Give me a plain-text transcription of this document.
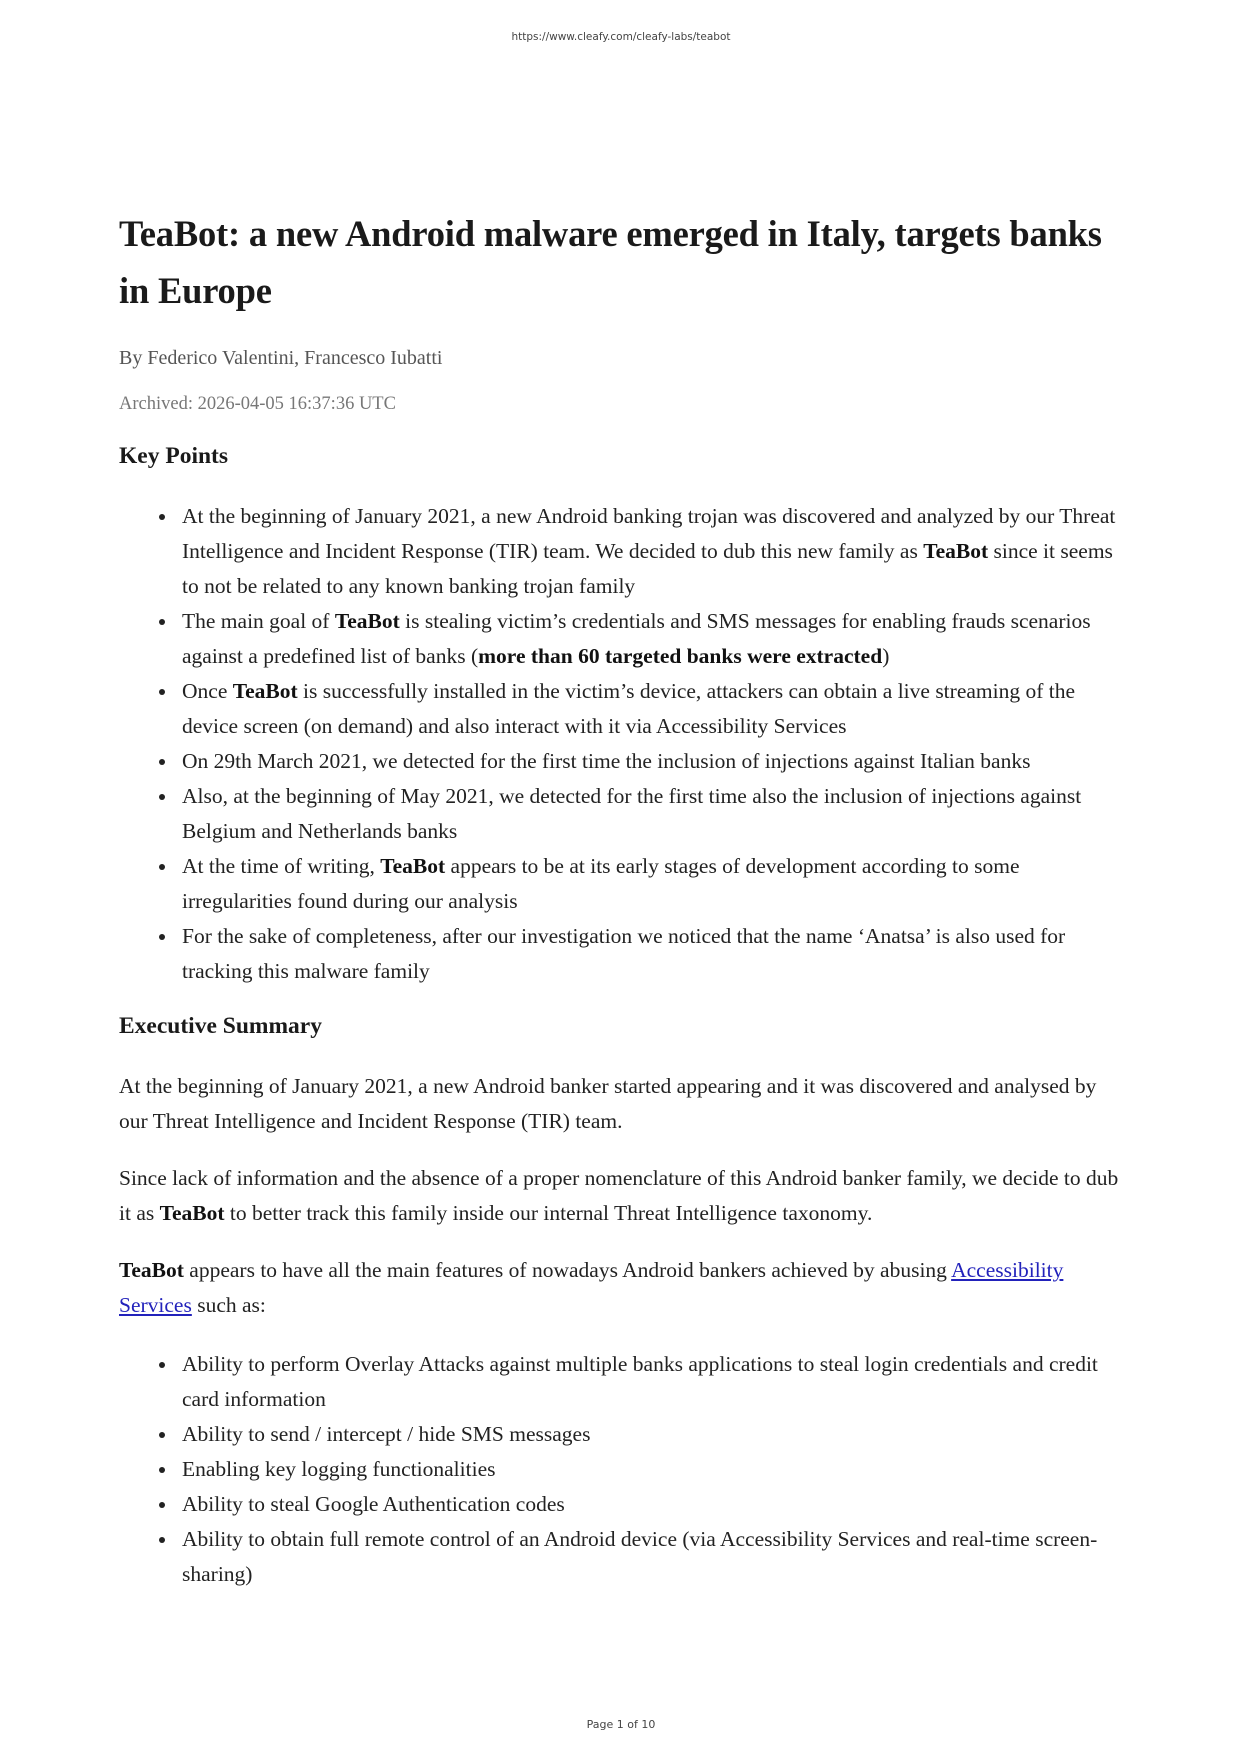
https://www.cleafy.com/cleafy-labs/teabot
TeaBot: a new Android malware emerged in Italy, targets banks in Europe
By Federico Valentini, Francesco Iubatti
Archived: 2026-04-05 16:37:36 UTC
Key Points
At the beginning of January 2021, a new Android banking trojan was discovered and analyzed by our Threat Intelligence and Incident Response (TIR) team. We decided to dub this new family as TeaBot since it seems to not be related to any known banking trojan family
The main goal of TeaBot is stealing victim’s credentials and SMS messages for enabling frauds scenarios against a predefined list of banks (more than 60 targeted banks were extracted)
Once TeaBot is successfully installed in the victim’s device, attackers can obtain a live streaming of the device screen (on demand) and also interact with it via Accessibility Services
On 29th March 2021, we detected for the first time the inclusion of injections against Italian banks
Also, at the beginning of May 2021, we detected for the first time also the inclusion of injections against Belgium and Netherlands banks
At the time of writing, TeaBot appears to be at its early stages of development according to some irregularities found during our analysis
For the sake of completeness, after our investigation we noticed that the name ‘Anatsa’ is also used for tracking this malware family
Executive Summary

At the beginning of January 2021, a new Android banker started appearing and it was discovered and analysed by our Threat Intelligence and Incident Response (TIR) team.

Since lack of information and the absence of a proper nomenclature of this Android banker family, we decide to dub it as TeaBot to better track this family inside our internal Threat Intelligence taxonomy.

TeaBot appears to have all the main features of nowadays Android bankers achieved by abusing Accessibility Services such as:

Ability to perform Overlay Attacks against multiple banks applications to steal login credentials and credit card information
Ability to send / intercept / hide SMS messages
Enabling key logging functionalities
Ability to steal Google Authentication codes
Ability to obtain full remote control of an Android device (via Accessibility Services and real-time screen-sharing)
Page 1 of 10
